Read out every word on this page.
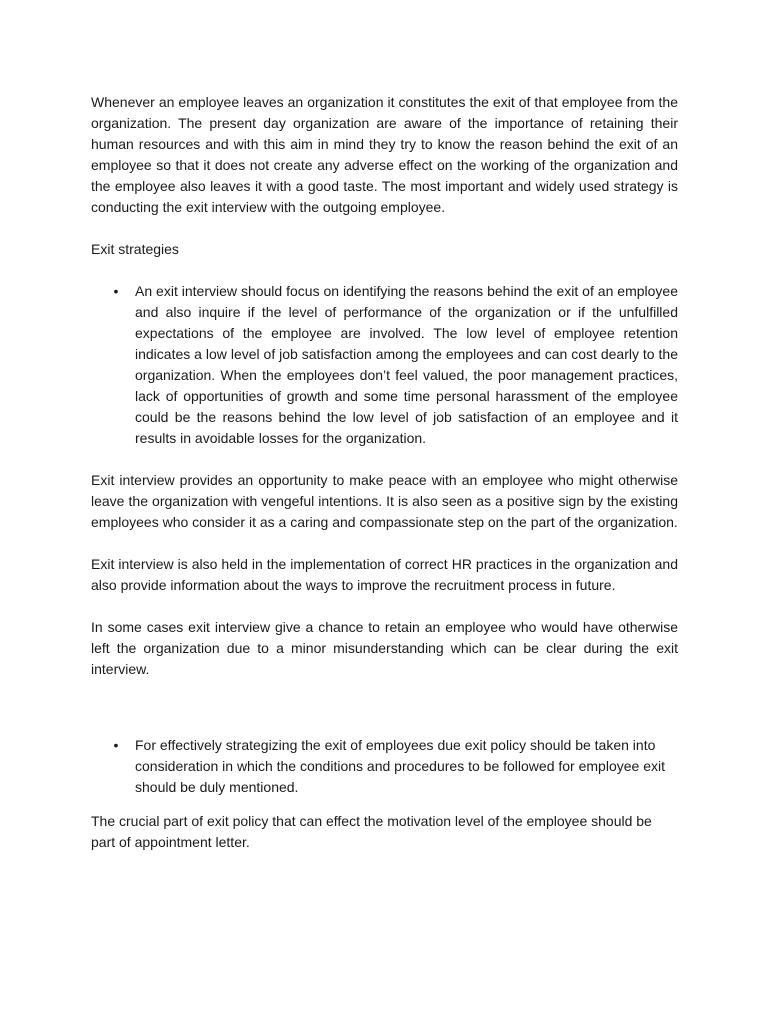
Whenever an employee leaves an organization it constitutes the exit of that employee from the organization. The present day organization are aware of the importance of retaining their human resources and with this aim in mind they try to know the reason behind the exit of an employee so that it does not create any adverse effect on the working of the organization and the employee also leaves it with a good taste. The most important and widely used strategy is conducting the exit interview with the outgoing employee.

Exit strategies

• An exit interview should focus on identifying the reasons behind the exit of an employee and also inquire if the level of performance of the organization or if the unfulfilled expectations of the employee are involved. The low level of employee retention indicates a low level of job satisfaction among the employees and can cost dearly to the organization. When the employees don’t feel valued, the poor management practices, lack of opportunities of growth and some time personal harassment of the employee could be the reasons behind the low level of job satisfaction of an employee and it results in avoidable losses for the organization.

Exit interview provides an opportunity to make peace with an employee who might otherwise leave the organization with vengeful intentions. It is also seen as a positive sign by the existing employees who consider it as a caring and compassionate step on the part of the organization.

Exit interview is also held in the implementation of correct HR practices in the organization and also provide information about the ways to improve the recruitment process in future.

In some cases exit interview give a chance to retain an employee who would have otherwise left the organization due to a minor misunderstanding which can be clear during the exit interview.

• For effectively strategizing the exit of employees due exit policy should be taken into consideration in which the conditions and procedures to be followed for employee exit should be duly mentioned.

The crucial part of exit policy that can effect the motivation level of the employee should be part of appointment letter.
